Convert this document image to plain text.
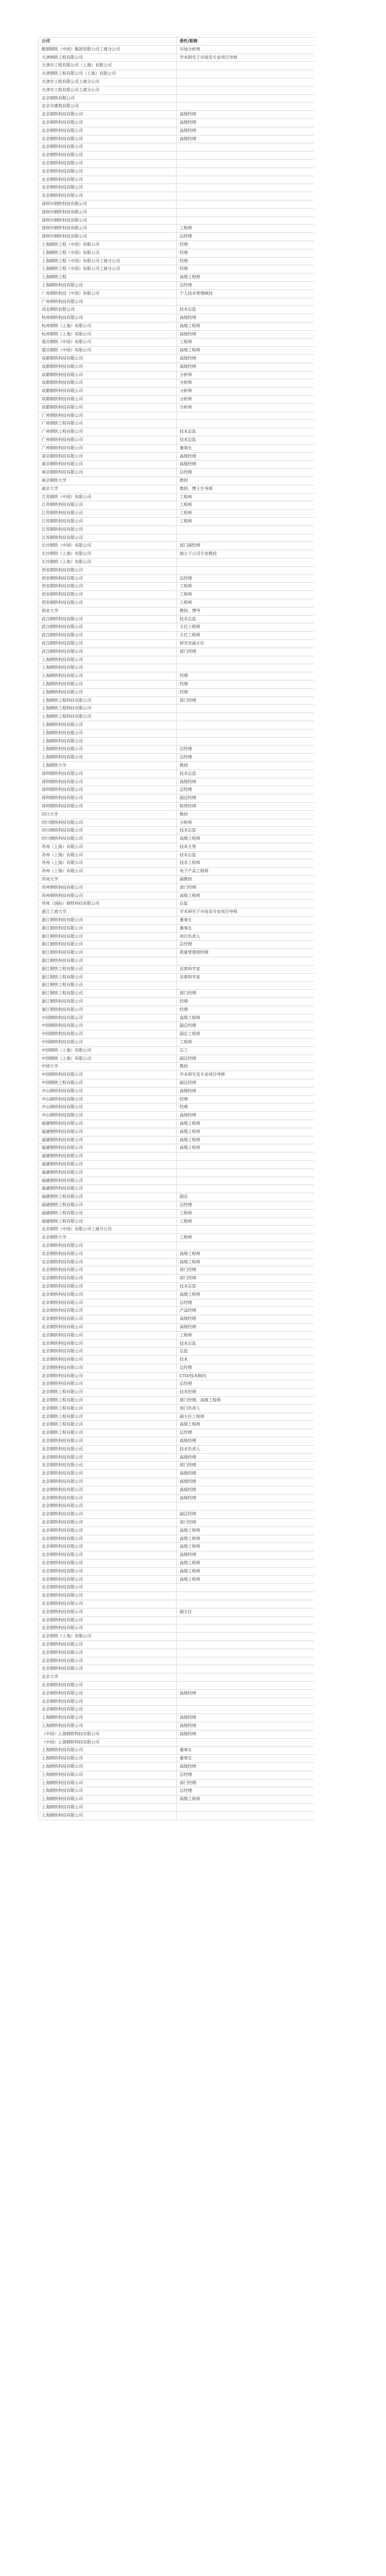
公司	委托/职称
鞍钢钢铁（中国）集团有限公司工商分公司	市场分析师
天津钢铁工程有限公司	学术研究于市场及专业项目导师
天津市工程有限公司（上海）有限公司	
天津钢铁工程有限公司（上海）有限公司	
天津市工程有限公司工商分公司	
天津市工程有限公司工商分公司	
北京钢铁有限公司	
北京市建筑有限公司	
北京钢铁科技有限公司	高级经理
北京钢铁科技有限公司	高级经理
北京钢铁科技有限公司	高级经理
北京钢铁科技有限公司	高级经理
北京钢铁科技有限公司	
北京钢铁科技有限公司	
北京钢铁科技有限公司	
北京钢铁科技有限公司	
北京钢铁科技有限公司	
北京钢铁科技有限公司	
北京钢铁科技有限公司	
深圳市钢铁科技有限公司	
深圳市钢铁科技有限公司	
深圳市钢铁科技有限公司	
深圳市钢铁科技有限公司	工程师
深圳市钢铁科技有限公司	总经理
上海钢铁工程（中国）有限公司	经理
上海钢铁工程（中国）有限公司	经理
上海钢铁工程（中国）有限公司工商分公司	经理
上海钢铁工程（中国）有限公司工商分公司	经理
上海钢铁工程	高级工程师
上海钢铁科技有限公司	总经理
广州钢铁科技（中国）有限公司	个人技术管理顾问
广州钢铁科技有限公司	
河北钢铁有限公司	技术总监
杭州钢铁科技有限公司	高级经理
杭州钢铁（上海）有限公司	高级工程师
杭州钢铁（上海）有限公司	高级经理
重庆钢铁（中国）有限公司	工程师
重庆钢铁（中国）有限公司	高级工程师
成都钢铁科技有限公司	高级经理
成都钢铁科技有限公司	高级经理
成都钢铁科技有限公司	分析师
成都钢铁科技有限公司	分析师
成都钢铁科技有限公司	分析师
成都钢铁科技有限公司	分析师
成都钢铁科技有限公司	分析师
广州钢铁科技有限公司	
广州钢铁工程有限公司	
广州钢铁工程有限公司	技术总监
广州钢铁科技有限公司	技术总监
广州钢铁科技有限公司	董事长
南京钢铁科技有限公司	高级经理
南京钢铁科技有限公司	高级经理
南京钢铁科技有限公司	总经理
南京钢铁大学	教授
南京大学	教授，博士生导师
江苏钢铁（中国）有限公司	工程师
江苏钢铁科技有限公司	工程师
江苏钢铁科技有限公司	工程师
江苏钢铁科技有限公司	工程师
江苏钢铁科技有限公司	
江苏钢铁科技有限公司	
长沙钢铁（中国）有限公司	部门副经理
长沙钢铁（上海）有限公司	独立子公司专业教授
长沙钢铁（上海）有限公司	
西安钢铁科技有限公司	
西安钢铁科技有限公司	总经理
西安钢铁科技有限公司	工程师
西安钢铁科技有限公司	工程师
西安钢铁科技有限公司	工程师
西安大学	教授，博导
武汉钢铁科技有限公司	技术总监
武汉钢铁科技有限公司	主任工程师
武汉钢铁科技有限公司	主任工程师
武汉钢铁科技有限公司	研究室副主任
武汉钢铁科技有限公司	部门经理
上海钢铁科技有限公司	
上海钢铁科技有限公司	
上海钢铁科技有限公司	经理
上海钢铁科技有限公司	经理
上海钢铁科技有限公司	经理
上海钢铁工程科技有限公司	部门经理
上海钢铁工程科技有限公司	
上海钢铁工程科技有限公司	
上海钢铁科技有限公司	
上海钢铁科技有限公司	
上海钢铁科技有限公司	
上海钢铁科技有限公司	总经理
上海钢铁科技有限公司	总经理
上海钢铁大学	教授
深圳钢铁科技有限公司	技术总监
深圳钢铁科技有限公司	高级经理
深圳钢铁科技有限公司	总经理
深圳钢铁科技有限公司	副总经理
深圳钢铁科技有限公司	销售经理
四川大学	教授
四川钢铁科技有限公司	分析师
四川钢铁科技有限公司	技术总监
四川钢铁科技有限公司	高级工程师
苏州（上海）有限公司	技术主管
苏州（上海）有限公司	技术总监
苏州（上海）有限公司	技术工程师
苏州（上海）有限公司	电子产品工程师
苏州大学	副教授
苏州钢铁科技有限公司	部门经理
苏州钢铁科技有限公司	高级工程师
苏州（国际）钢铁科技有限公司	总监
浙江工商大学	学术研究于市场及专业项目导师
浙江钢铁科技有限公司	董事长
浙江钢铁科技有限公司	董事长
浙江钢铁科技有限公司	项目负责人
浙江钢铁科技有限公司	总经理
浙江钢铁科技有限公司	质量管理部经理
浙江钢铁科技有限公司	
浙江钢铁工程有限公司	首席科学家
浙江钢铁工程有限公司	首席科学家
浙江钢铁工程有限公司	
浙江钢铁工程有限公司	部门经理
浙江钢铁科技有限公司	经理
浙江钢铁科技有限公司	经理
中国钢铁科技有限公司	高级工程师
中国钢铁科技有限公司	副总经理
中国钢铁科技有限公司	副总工程师
中国钢铁科技有限公司	工程师
中国钢铁（上海）有限公司	总工
中国钢铁（上海）有限公司	副总经理
中国大学	教授
中国钢铁科技有限公司	学术研究及专业项目导师
中国钢铁工程有限公司	副总经理
中山钢铁科技有限公司	高级经理
中山钢铁科技有限公司	经理
中山钢铁科技有限公司	经理
中山钢铁科技有限公司	高级经理
福建钢铁科技有限公司	高级工程师
福建钢铁科技有限公司	高级工程师
福建钢铁科技有限公司	高级工程师
福建钢铁科技有限公司	高级工程师
福建钢铁科技有限公司	
福建钢铁科技有限公司	
福建钢铁科技有限公司	
福建钢铁科技有限公司	
福建钢铁科技有限公司	
福建钢铁工程有限公司	副总
福建钢铁工程有限公司	总经理
福建钢铁工程有限公司	工程师
福建钢铁工程有限公司	工程师
北京钢铁（中国）有限公司工商分公司	
北京钢铁大学	工程师
北京钢铁科技有限公司	
北京钢铁科技有限公司	高级工程师
北京钢铁科技有限公司	高级工程师
北京钢铁科技有限公司	部门经理
北京钢铁科技有限公司	部门经理
北京钢铁科技有限公司	技术总监
北京钢铁科技有限公司	高级工程师
北京钢铁科技有限公司	总经理
北京钢铁科技有限公司	产品经理
北京钢铁科技有限公司	高级经理
北京钢铁科技有限公司	高级经理
北京钢铁科技有限公司	工程师
北京钢铁科技有限公司	技术总监
北京钢铁科技有限公司	总监
北京钢铁科技有限公司	技术
北京钢铁科技有限公司	总经理
北京钢铁科技有限公司	CTO/技术顾问
北京钢铁科技有限公司	总经理
北京钢铁工程有限公司	技术经理
北京钢铁工程有限公司	部门经理，高级工程师
北京钢铁工程有限公司	部门负责人
北京钢铁工程有限公司	副主任工程师
北京钢铁工程有限公司	高级工程师
北京钢铁工程有限公司	总经理
北京钢铁科技有限公司	高级经理
北京钢铁科技有限公司	技术负责人
北京钢铁科技有限公司	高级经理
北京钢铁科技有限公司	部门经理
北京钢铁科技有限公司	高级经理
北京钢铁科技有限公司	高级经理
北京钢铁科技有限公司	高级经理
北京钢铁科技有限公司	高级经理
北京钢铁科技有限公司	
北京钢铁科技有限公司	副总经理
北京钢铁科技有限公司	部门经理
北京钢铁科技有限公司	高级工程师
北京钢铁科技有限公司	高级工程师
北京钢铁科技有限公司	高级工程师
北京钢铁科技有限公司	高级经理
北京钢铁科技有限公司	高级工程师
北京钢铁科技有限公司	高级工程师
北京钢铁科技有限公司	高级工程师
北京钢铁科技有限公司	
北京钢铁科技有限公司	
北京钢铁科技有限公司	
北京钢铁科技有限公司	副主任
北京钢铁科技有限公司	
北京钢铁科技有限公司	
北京钢铁（上海）有限公司	
北京钢铁科技有限公司	
北京钢铁科技有限公司	
北京钢铁科技有限公司	
北京钢铁科技有限公司	
北京大学	
北京钢铁科技有限公司	
北京钢铁科技有限公司	高级经理
北京钢铁科技有限公司	
北京钢铁科技有限公司	
上海钢铁科技有限公司	高级经理
上海钢铁科技有限公司	高级经理
（中国）上海钢铁科技有限公司	高级经理
（中国）上海钢铁科技有限公司	
上海钢铁科技有限公司	董事长
上海钢铁科技有限公司	董事长
上海钢铁科技有限公司	高级经理
上海钢铁科技有限公司	总经理
上海钢铁科技有限公司	部门经理
上海钢铁科技有限公司	总经理
上海钢铁科技有限公司	高级工程师
上海钢铁科技有限公司	
上海钢铁科技有限公司	
